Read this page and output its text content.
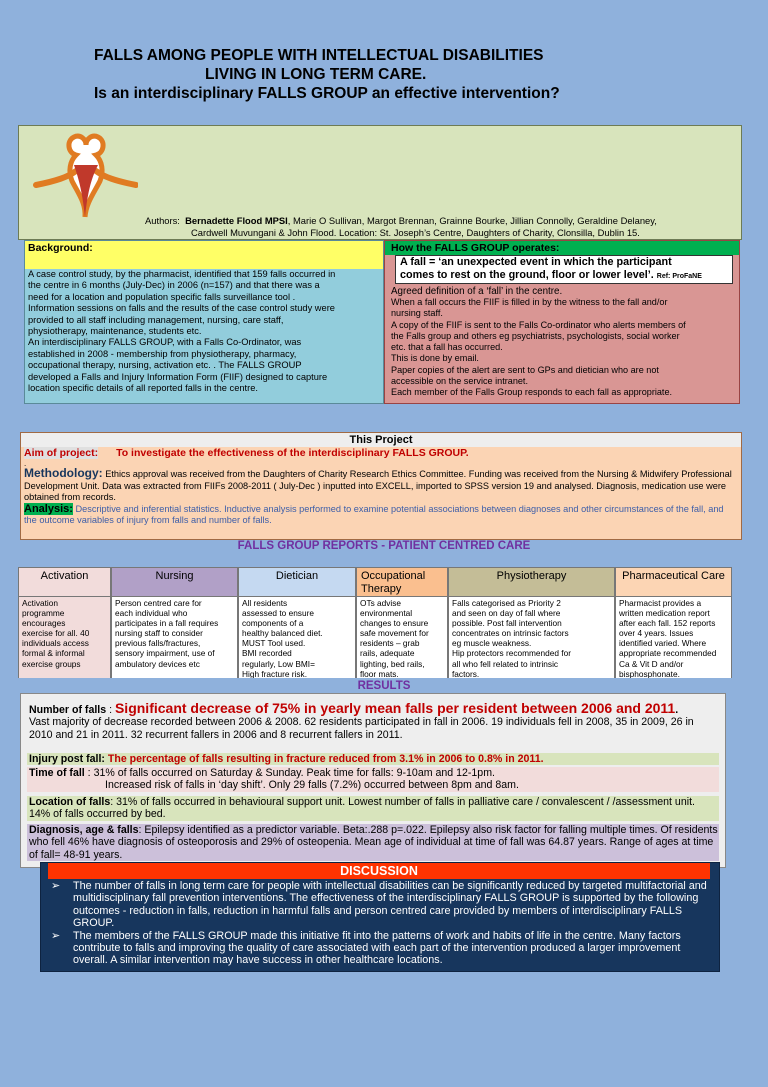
FALLS AMONG PEOPLE WITH INTELLECTUAL DISABILITIES
LIVING IN LONG TERM CARE.
Is an interdisciplinary FALLS GROUP an effective intervention?
Authors: Bernadette Flood MPSI, Marie O Sullivan, Margot Brennan, Grainne Bourke, Jillian Connolly, Geraldine Delaney,
Cardwell Muvungani & John Flood. Location: St. Joseph’s Centre, Daughters of Charity, Clonsilla, Dublin 15.
Background:
A case control study, by the pharmacist, identified that 159 falls occurred in
the centre in 6 months (July-Dec) in 2006 (n=157) and that there was a
need for a location and population specific falls surveillance tool .
Information sessions on falls and the results of the case control study were
provided to all staff including management, nursing, care staff,
physiotherapy, maintenance, students etc.
An interdisciplinary FALLS GROUP, with a Falls Co-Ordinator, was
established in 2008 - membership from physiotherapy, pharmacy,
occupational therapy, nursing, activation etc. . The FALLS GROUP
developed a Falls and Injury Information Form (FIIF) designed to capture
location specific details of all reported falls in the centre.
How the FALLS GROUP operates:
A fall = ‘an unexpected event in which the participant
comes to rest on the ground, floor or lower level’. Ref: ProFaNE
Agreed definition of a ‘fall’ in the centre.
When a fall occurs the FIIF is filled in by the witness to the fall and/or
nursing staff.
A copy of the FIIF is sent to the Falls Co-ordinator who alerts members of
the Falls group and others eg psychiatrists, psychologists, social worker
etc. that a fall has occurred.
This is done by email.
Paper copies of the alert are sent to GPs and dietician who are not
accessible on the service intranet.
Each member of the Falls Group responds to each fall as appropriate.
This Project
Aim of project: To investigate the effectiveness of the interdisciplinary FALLS GROUP.
.
Methodology: Ethics approval was received from the Daughters of Charity Research Ethics Committee. Funding was received from the Nursing & Midwifery Professional Development Unit. Data was extracted from FIIFs 2008-2011 ( July-Dec ) inputted into EXCELL, imported to SPSS version 19 and analysed. Diagnosis, medication use were obtained from records.
Analysis: Descriptive and inferential statistics. Inductive analysis performed to examine potential associations between diagnoses and other circumstances of the fall, and the outcome variables of injury from falls and number of falls.
FALLS GROUP REPORTS - PATIENT CENTRED CARE
Activation
Activation
programme
encourages
exercise for all. 40
individuals access
formal & informal
exercise groups
Nursing
Person centred care for
each individual who
participates in a fall requires
nursing staff to consider
previous falls/fractures,
sensory impairment, use of
ambulatory devices etc
Dietician
All residents
assessed to ensure
components of a
healthy balanced diet.
MUST Tool used.
BMI recorded
regularly, Low BMI=
High fracture risk.
Occupational Therapy
OTs advise
environmental
changes to ensure
safe movement for
residents – grab
rails, adequate
lighting, bed rails,
floor mats.
Physiotherapy
Falls categorised as Priority 2
and seen on day of fall where
possible. Post fall intervention
concentrates on intrinsic factors
eg muscle weakness.
Hip protectors recommended for
all who fell related to intrinsic
factors.
Pharmaceutical Care
Pharmacist provides a
written medication report
after each fall. 152 reports
over 4 years. Issues
identified varied. Where
appropriate recommended
Ca & Vit D and/or
bisphosphonate.
RESULTS
Number of falls : Significant decrease of 75% in yearly mean falls per resident between 2006 and 2011.
Vast majority of decrease recorded between 2006 & 2008. 62 residents participated in fall in 2006. 19 individuals fell in 2008, 35 in 2009, 26 in 2010 and 21 in 2011. 32 recurrent fallers in 2006 and 8 recurrent fallers in 2011.
Injury post fall: The percentage of falls resulting in fracture reduced from 3.1% in 2006 to 0.8% in 2011.
Time of fall : 31% of falls occurred on Saturday & Sunday. Peak time for falls: 9-10am and 12-1pm.
Increased risk of falls in ‘day shift’. Only 29 falls (7.2%) occurred between 8pm and 8am.
Location of falls: 31% of falls occurred in behavioural support unit. Lowest number of falls in palliative care / convalescent / /assessment unit. 14% of falls occurred by bed.
Diagnosis, age & falls: Epilepsy identified as a predictor variable. Beta:.288 p=.022. Epilepsy also risk factor for falling multiple times. Of residents who fell 46% have diagnosis of osteoporosis and 29% of osteopenia. Mean age of individual at time of fall was 64.87 years. Range of ages at time of fall= 48-91 years.
DISCUSSION
➢ The number of falls in long term care for people with intellectual disabilities can be significantly reduced by targeted multifactorial and multidisciplinary fall prevention interventions. The effectiveness of the interdisciplinary FALLS GROUP is supported by the following outcomes - reduction in falls, reduction in harmful falls and person centred care provided by members of interdisciplinary FALLS GROUP.
➢ The members of the FALLS GROUP made this initiative fit into the patterns of work and habits of life in the centre. Many factors contribute to falls and improving the quality of care associated with each part of the intervention produced a larger improvement overall. A similar intervention may have success in other healthcare locations.
